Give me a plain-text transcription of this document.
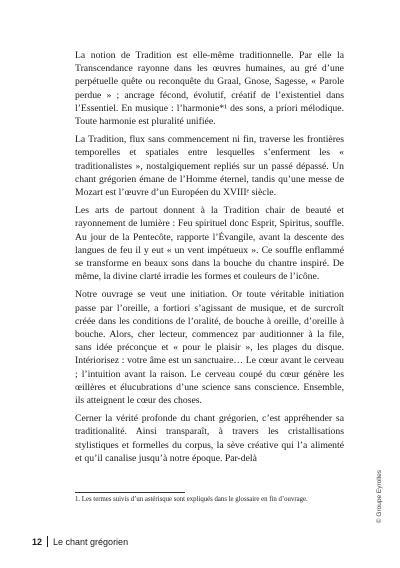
La notion de Tradition est elle-même traditionnelle. Par elle la Transcendance rayonne dans les œuvres humaines, au gré d’une perpétuelle quête ou reconquête du Graal, Gnose, Sagesse, « Parole perdue » ; ancrage fécond, évolutif, créatif de l’existentiel dans l’Essentiel. En musique : l’harmonie*¹ des sons, a priori mélodique. Toute harmonie est pluralité unifiée.

La Tradition, flux sans commencement ni fin, traverse les frontières temporelles et spatiales entre lesquelles s’enferment les « traditionalistes », nostalgiquement repliés sur un passé dépassé. Un chant grégorien émane de l’Homme éternel, tandis qu’une messe de Mozart est l’œuvre d’un Européen du XVIIIᵉ siècle.

Les arts de partout donnent à la Tradition chair de beauté et rayonnement de lumière : Feu spirituel donc Esprit, Spiritus, souffle. Au jour de la Pentecôte, rapporte l’Évangile, avant la descente des langues de feu il y eut « un vent impétueux ». Ce souffle enflammé se transforme en beaux sons dans la bouche du chantre inspiré. De même, la divine clarté irradie les formes et couleurs de l’icône.

Notre ouvrage se veut une initiation. Or toute véritable initiation passe par l’oreille, a fortiori s’agissant de musique, et de surcroît créée dans les conditions de l’oralité, de bouche à oreille, d’oreille à bouche. Alors, cher lecteur, commencez par auditionner à la file, sans idée préconçue et « pour le plaisir », les plages du disque. Intériorisez : votre âme est un sanctuaire… Le cœur avant le cerveau ; l’intuition avant la raison. Le cerveau coupé du cœur génère les œillères et élucubrations d’une science sans conscience. Ensemble, ils atteignent le cœur des choses.

Cerner la vérité profonde du chant grégorien, c’est appréhender sa traditionalité. Ainsi transparaît, à travers les cristallisations stylistiques et formelles du corpus, la sève créative qui l’a alimenté et qu’il canalise jusqu’à notre époque. Par-delà

© Groupe Eyrolles
1. Les termes suivis d’un astérisque sont expliqués dans le glossaire en fin d’ouvrage.
12 Le chant grégorien
